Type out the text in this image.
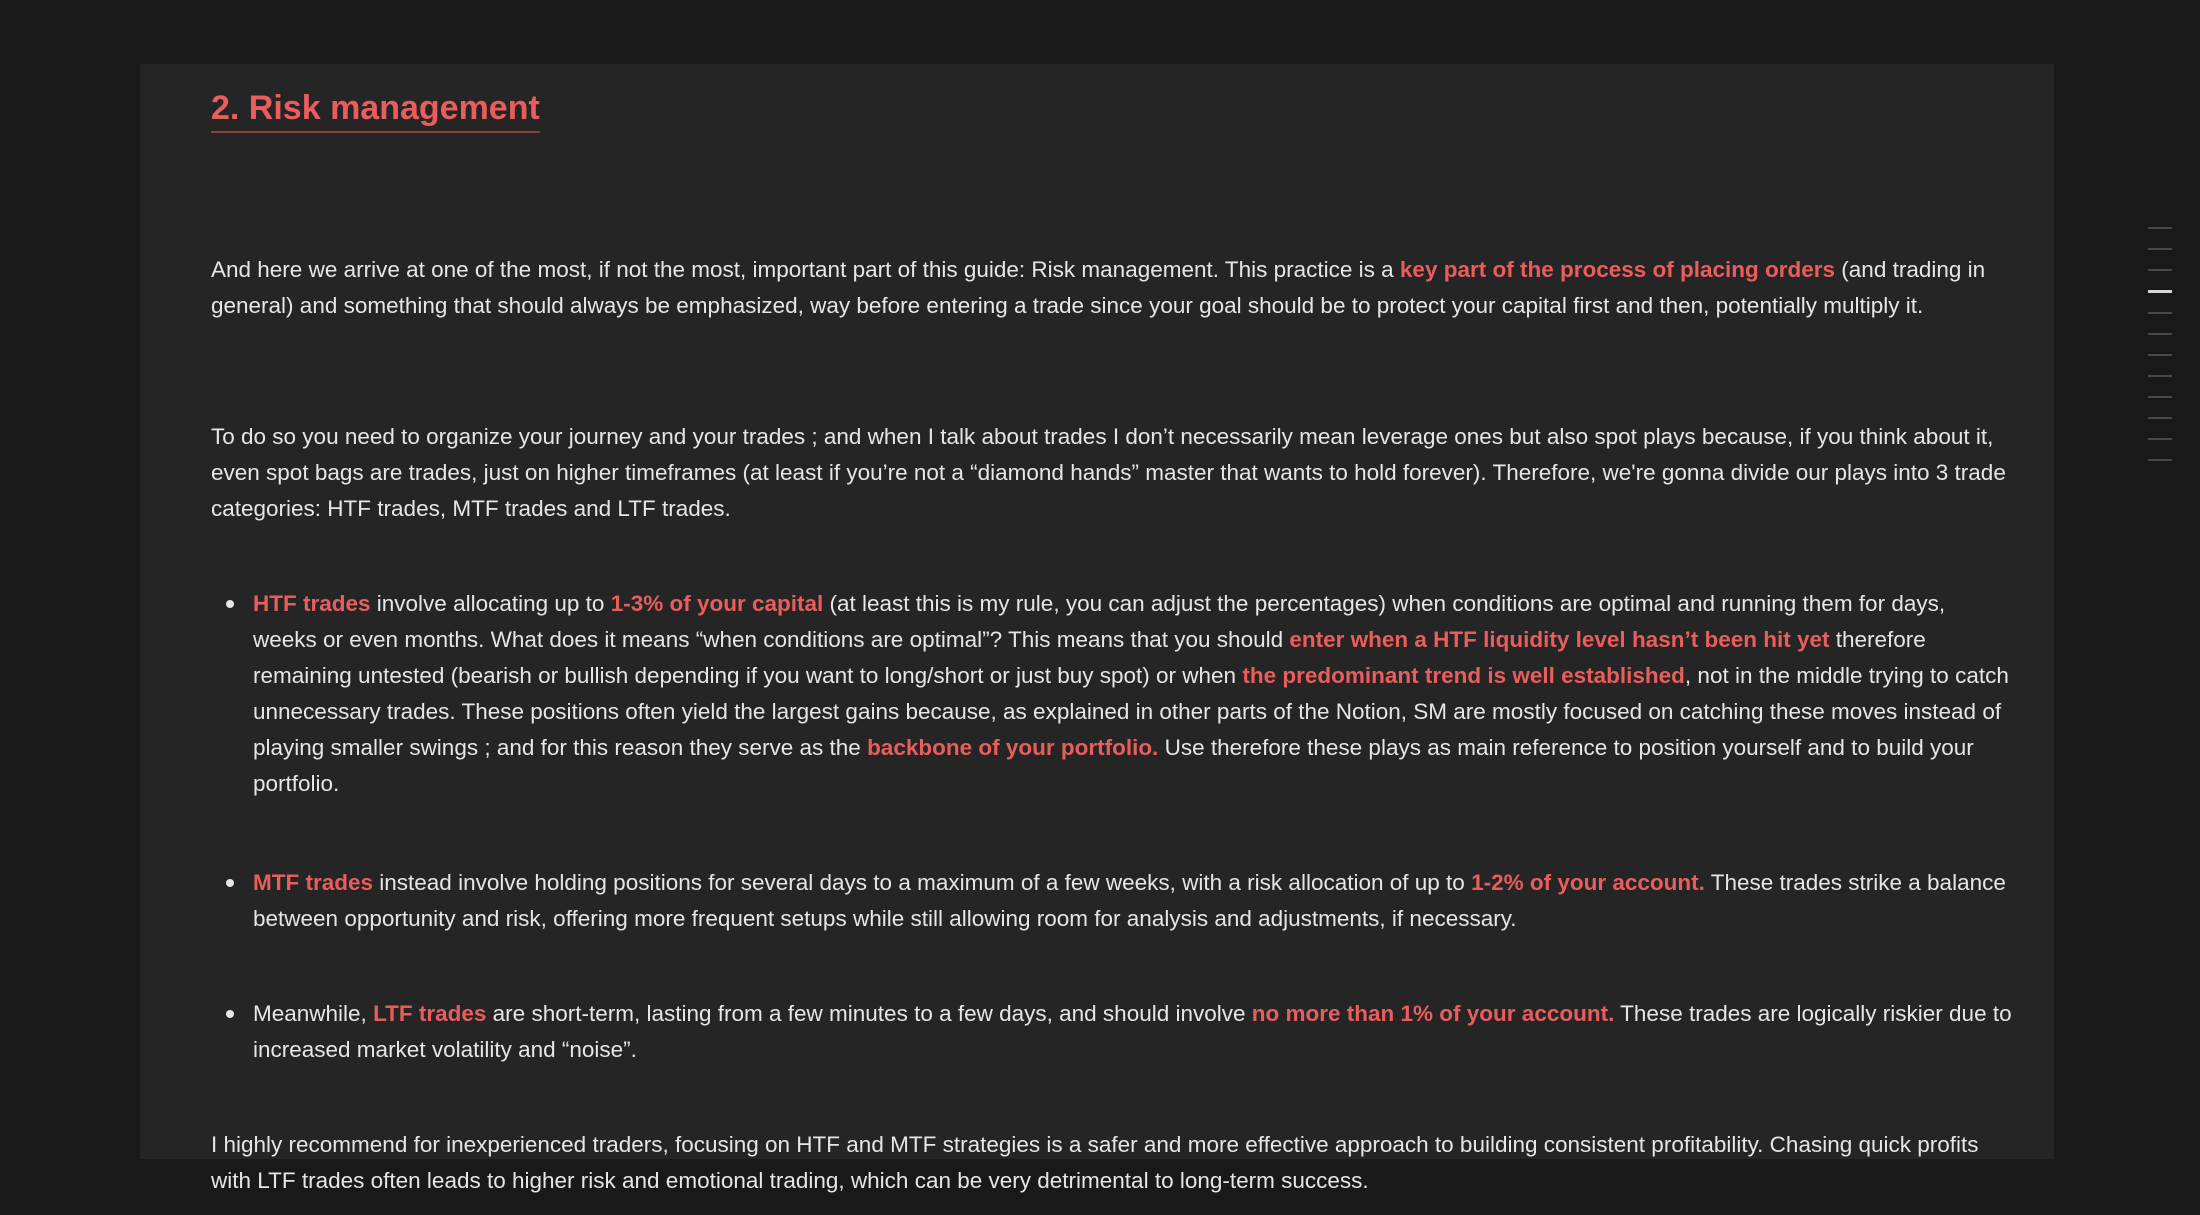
2. Risk management

And here we arrive at one of the most, if not the most, important part of this guide: Risk management. This practice is a key part of the process of placing orders (and trading in general) and something that should always be emphasized, way before entering a trade since your goal should be to protect your capital first and then, potentially multiply it.

To do so you need to organize your journey and your trades ; and when I talk about trades I don’t necessarily mean leverage ones but also spot plays because, if you think about it, even spot bags are trades, just on higher timeframes (at least if you’re not a “diamond hands” master that wants to hold forever). Therefore, we're gonna divide our plays into 3 trade categories: HTF trades, MTF trades and LTF trades.

HTF trades involve allocating up to 1-3% of your capital (at least this is my rule, you can adjust the percentages) when conditions are optimal and running them for days, weeks or even months. What does it means “when conditions are optimal”? This means that you should enter when a HTF liquidity level hasn’t been hit yet therefore remaining untested (bearish or bullish depending if you want to long/short or just buy spot) or when the predominant trend is well established, not in the middle trying to catch unnecessary trades. These positions often yield the largest gains because, as explained in other parts of the Notion, SM are mostly focused on catching these moves instead of playing smaller swings ; and for this reason they serve as the backbone of your portfolio. Use therefore these plays as main reference to position yourself and to build your portfolio.

MTF trades instead involve holding positions for several days to a maximum of a few weeks, with a risk allocation of up to 1-2% of your account. These trades strike a balance between opportunity and risk, offering more frequent setups while still allowing room for analysis and adjustments, if necessary.

Meanwhile, LTF trades are short-term, lasting from a few minutes to a few days, and should involve no more than 1% of your account. These trades are logically riskier due to increased market volatility and “noise”.

I highly recommend for inexperienced traders, focusing on HTF and MTF strategies is a safer and more effective approach to building consistent profitability. Chasing quick profits with LTF trades often leads to higher risk and emotional trading, which can be very detrimental to long-term success.
